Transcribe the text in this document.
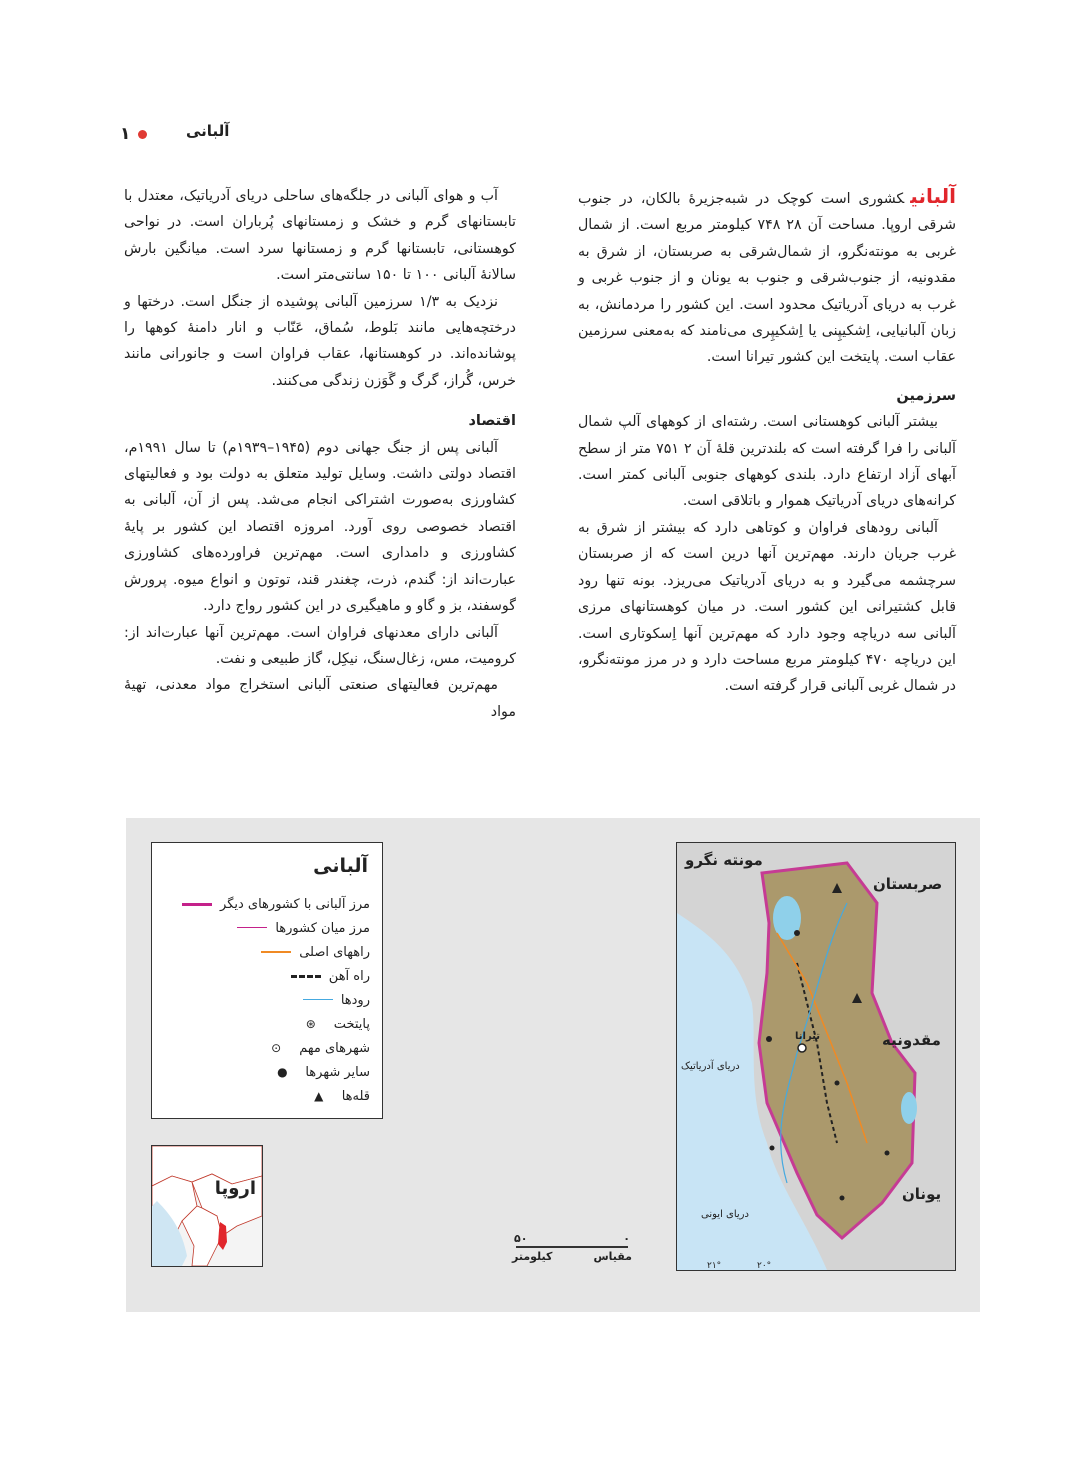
۱	آلبانی

آلبانیکشوری است کوچک در شبه‌جزیرهٔ بالکان، در جنوب شرقی اروپا. مساحت آن ۲۸ ۷۴۸ کیلومتر مربع است. از شمال غربی به مونته‌نگرو، از شمال‌شرقی به صربستان، از شرق به مقدونیه، از جنوب‌شرقی و جنوب به یونان و از جنوب غربی و غرب به دریای آدریاتیک محدود است. این کشور را مردمانش، به زبان آلبانیایی، اِشکیپِنی یا اِشکیپِری می‌نامند که به‌معنی سرزمین عقاب است. پایتخت این کشور تیرانا است.

سرزمین

بیشتر آلبانی کوهستانی است. رشته‌ای از کوههای آلپ شمال آلبانی را فرا گرفته است که بلندترین قلهٔ آن ۲ ۷۵۱ متر از سطح آبهای آزاد ارتفاع دارد. بلندی کوههای جنوبی آلبانی کمتر است. کرانه‌های دریای آدریاتیک هموار و باتلاقی است.

آلبانی رودهای فراوان و کوتاهی دارد که بیشتر از شرق به غرب جریان دارند. مهم‌ترین آنها درین است که از صربستان سرچشمه می‌گیرد و به دریای آدریاتیک می‌ریزد. بونه تنها رود قابل کشتیرانی این کشور است. در میان کوهستانهای مرزی آلبانی سه دریاچه وجود دارد که مهم‌ترین آنها اِسکوتاری است. این دریاچه ۴۷۰ کیلومتر مربع مساحت دارد و در مرز مونته‌نگرو، در شمال غربی آلبانی قرار گرفته است.

آب و هوای آلبانی در جلگه‌های ساحلی دریای آدریاتیک، معتدل با تابستانهای گرم و خشک و زمستانهای پُرباران است. در نواحی کوهستانی، تابستانها گرم و زمستانها سرد است. میانگین بارش سالانهٔ آلبانی ۱۰۰ تا ۱۵۰ سانتی‌متر است.

نزدیک به ۱/۳ سرزمین آلبانی پوشیده از جنگل است. درختها و درختچه‌هایی مانند بَلوط، سُماق، عَنّاب و انار دامنهٔ کوهها را پوشانده‌اند. در کوهستانها، عقاب فراوان است و جانورانی مانند خرس، گُراز، گرگ و گَوَزن زندگی می‌کنند.

اقتصاد

آلبانی پس از جنگ جهانی دوم (۱۹۴۵–۱۹۳۹م) تا سال ۱۹۹۱م، اقتصاد دولتی داشت. وسایل تولید متعلق به دولت بود و فعالیتهای کشاورزی به‌صورت اشتراکی انجام می‌شد. پس از آن، آلبانی به اقتصاد خصوصی روی آورد. امروزه اقتصاد این کشور بر پایهٔ کشاورزی و دامداری است. مهم‌ترین فراورده‌های کشاورزی عبارت‌اند از: گندم، ذرت، چغندر قند، توتون و انواع میوه. پرورش گوسفند، بز و گاو و ماهیگیری در این کشور رواج دارد.

آلبانی دارای معدنهای فراوان است. مهم‌ترین آنها عبارت‌اند از: کرومیت، مس، زغال‌سنگ، نیکِل، گاز طبیعی و نفت.

مهم‌ترین فعالیتهای صنعتی آلبانی استخراج مواد معدنی، تهیهٔ مواد

آلبانی
مرز آلبانی با کشورهای دیگر
مرز میان کشورها
راههای اصلی
راه آهن
رودها
پایتخت
⊛
شهرهای مهم
⊙
سایر شهرها
●
قله‌ها
▲
اروپا
۰
۵۰
مقیاس
کیلومتر
مونته نگرو
صربستان
مقدونیه
یونان
دریای آدریاتیک
دریای ایونی
تیرانا
۲۰°
۲۱°
